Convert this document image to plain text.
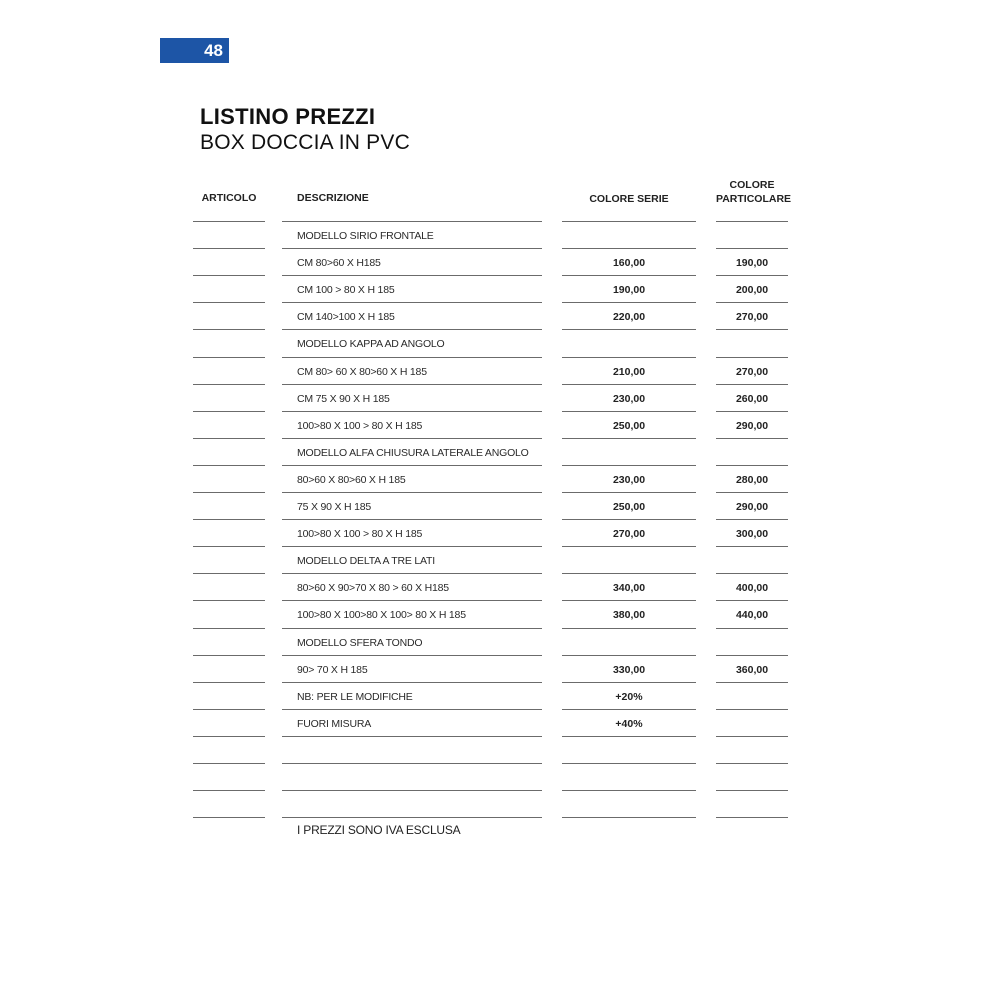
48
LISTINO PREZZI
BOX DOCCIA IN PVC
ARTICOLO	DESCRIZIONE	COLORE SERIE
COLORE
PARTICOLARE
MODELLO SIRIO FRONTALE
CM 80>60 X H185	160,00	190,00
CM 100 > 80 X H 185	190,00	200,00
CM 140>100 X H 185	220,00	270,00
MODELLO KAPPA AD ANGOLO
CM 80> 60 X 80>60 X H 185	210,00	270,00
CM 75 X 90 X H 185	230,00	260,00
100>80 X 100 > 80 X H 185	250,00	290,00
MODELLO ALFA CHIUSURA LATERALE ANGOLO
80>60 X 80>60 X H 185	230,00	280,00
75 X 90 X H 185	250,00	290,00
100>80 X 100 > 80 X H 185	270,00	300,00
MODELLO DELTA A TRE LATI
80>60 X 90>70 X 80 > 60 X H185	340,00	400,00
100>80 X 100>80 X 100> 80 X H 185	380,00	440,00
MODELLO SFERA TONDO
90> 70 X H 185	330,00	360,00
NB: PER LE MODIFICHE	+20%
FUORI MISURA	+40%
I PREZZI SONO IVA ESCLUSA
